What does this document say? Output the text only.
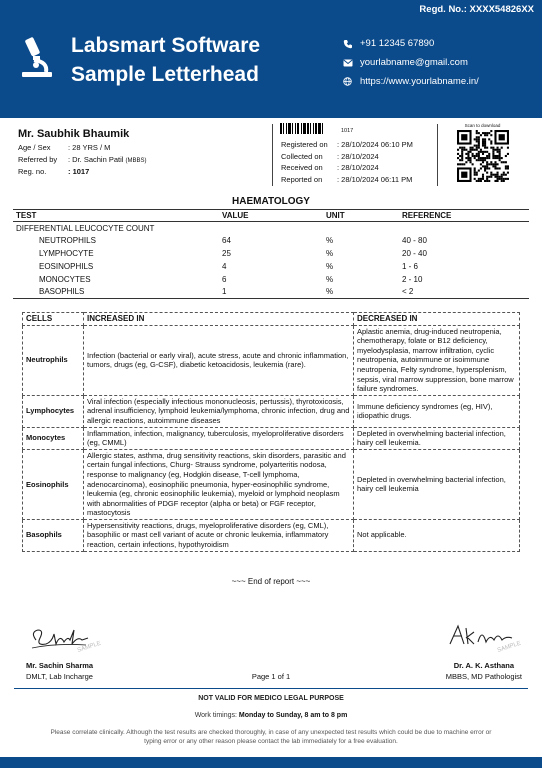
Regd. No.: XXXX54826XX
Labsmart Software
Sample Letterhead
+91 12345 67890
yourlabname@gmail.com
https://www.yourlabname.in/
Mr. Saubhik Bhaumik
Age / Sex	: 28 YRS / M
Referred by	: Dr. Sachin Patil (MBBS)
Reg. no.	: 1017
1017
Registered on	: 28/10/2024 06:10 PM
Collected on	: 28/10/2024
Received on	: 28/10/2024
Reported on	: 28/10/2024 06:11 PM
Scan to download
HAEMATOLOGY
TEST	VALUE	UNIT	REFERENCE
DIFFERENTIAL LEUCOCYTE COUNT			
NEUTROPHILS	64	%	40 - 80
LYMPHOCYTE	25	%	20 - 40
EOSINOPHILS	4	%	1 - 6
MONOCYTES	6	%	2 - 10
BASOPHILS	1	%	< 2
CELLS	INCREASED IN	DECREASED IN
Neutrophils	Infection (bacterial or early viral), acute stress, acute and chronic inflammation, tumors, drugs (eg, G-CSF), diabetic ketoacidosis, leukemia (rare).	Aplastic anemia, drug-induced neutropenia, chemotherapy, folate or B12 deficiency, myelodysplasia, marrow infiltration, cyclic neutropenia, autoimmune or isoimmune neutropenia, Felty syndrome, hypersplenism, sepsis, viral marrow suppression, bone marrow failure syndromes.
Lymphocytes	Viral infection (especially infectious mononucleosis, pertussis), thyrotoxicosis, adrenal insufficiency, lymphoid leukemia/lymphoma, chronic infection, drug and allergic reactions, autoimmune diseases	Immune deficiency syndromes (eg, HIV), idiopathic drugs.
Monocytes	Inflammation, infection, malignancy, tuberculosis, myeloproliferative disorders (eg, CMML)	Depleted in overwhelming bacterial infection, hairy cell leukemia.
Eosinophils	Allergic states, asthma, drug sensitivity reactions, skin disorders, parasitic and certain fungal infections, Churg- Strauss syndrome, polyarteritis nodosa, response to malignancy (eg, Hodgkin disease, T-cell lymphoma, adenocarcinoma), eosinophilic pneumonia, hyper-eosinophilic syndrome, leukemia (eg, chronic eosinophilic leukemia), myeloid or lymphoid neoplasm with abnormalities of PDGF receptor (alpha or beta) or FGF receptor, mastocytosis	Depleted in overwhelming bacterial infection, hairy cell leukemia
Basophils	Hypersensitivity reactions, drugs, myeloproliferative disorders (eg, CML), basophilic or mast cell variant of acute or chronic leukemia, inflammatory reaction, certain infections, hypothyroidism	Not applicable.
~~~ End of report ~~~
SAMPLE	SAMPLE
Mr. Sachin Sharma
DMLT, Lab Incharge
Dr. A. K. Asthana
MBBS, MD Pathologist
Page 1 of 1
NOT VALID FOR MEDICO LEGAL PURPOSE
Work timings: Monday to Sunday, 8 am to 8 pm
Please correlate clinically. Although the test results are checked thoroughly, in case of any unexpected test results which could be due to machine error or typing error or any other reason please contact the lab immediately for a free evaluation.
